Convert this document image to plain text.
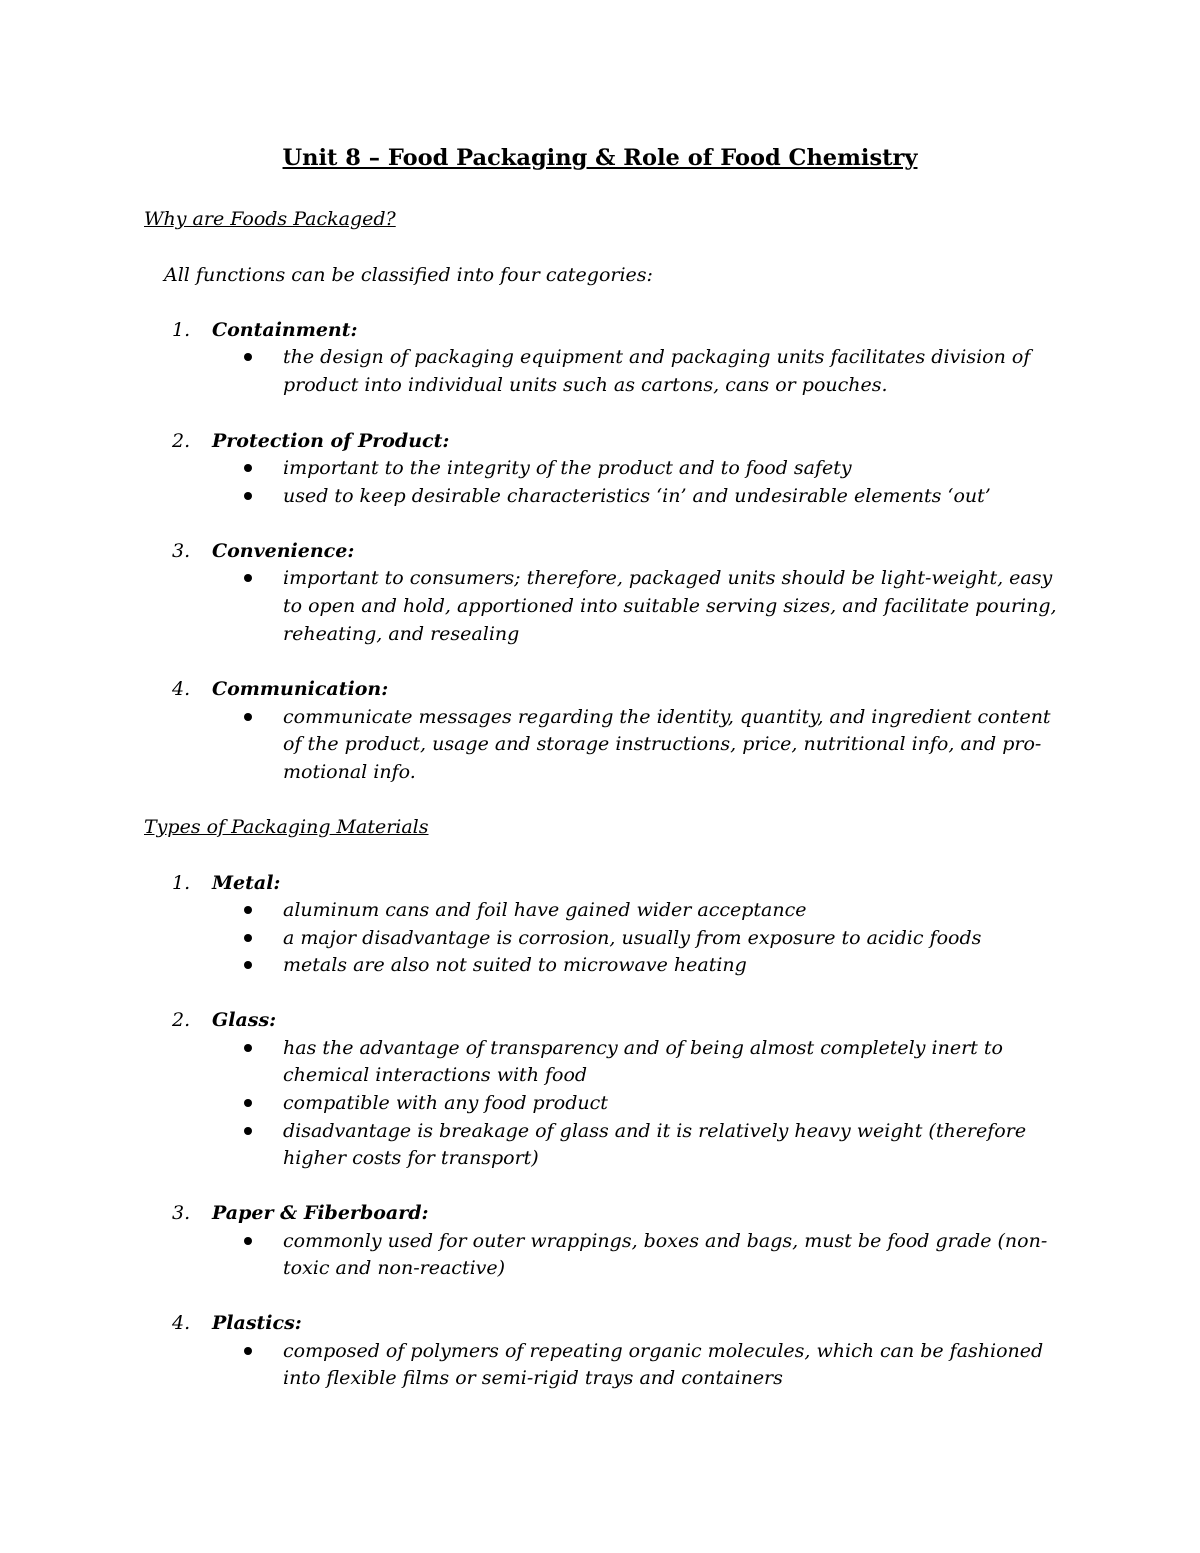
Unit 8 – Food Packaging & Role of Food Chemistry
Why are Foods Packaged?
All functions can be classified into four categories:
1. Containment:
the design of packaging equipment and packaging units facilitates division of
product into individual units such as cartons, cans or pouches.
2. Protection of Product:
important to the integrity of the product and to food safety
used to keep desirable characteristics ‘in’ and undesirable elements ‘out’
3. Convenience:
important to consumers; therefore, packaged units should be light-weight, easy
to open and hold, apportioned into suitable serving sizes, and facilitate pouring,
reheating, and resealing
4. Communication:
communicate messages regarding the identity, quantity, and ingredient content
of the product, usage and storage instructions, price, nutritional info, and pro-
motional info.
Types of Packaging Materials
1. Metal:
aluminum cans and foil have gained wider acceptance
a major disadvantage is corrosion, usually from exposure to acidic foods
metals are also not suited to microwave heating
2. Glass:
has the advantage of transparency and of being almost completely inert to
chemical interactions with food
compatible with any food product
disadvantage is breakage of glass and it is relatively heavy weight (therefore
higher costs for transport)
3. Paper & Fiberboard:
commonly used for outer wrappings, boxes and bags, must be food grade (non-
toxic and non-reactive)
4. Plastics:
composed of polymers of repeating organic molecules, which can be fashioned
into flexible films or semi-rigid trays and containers
